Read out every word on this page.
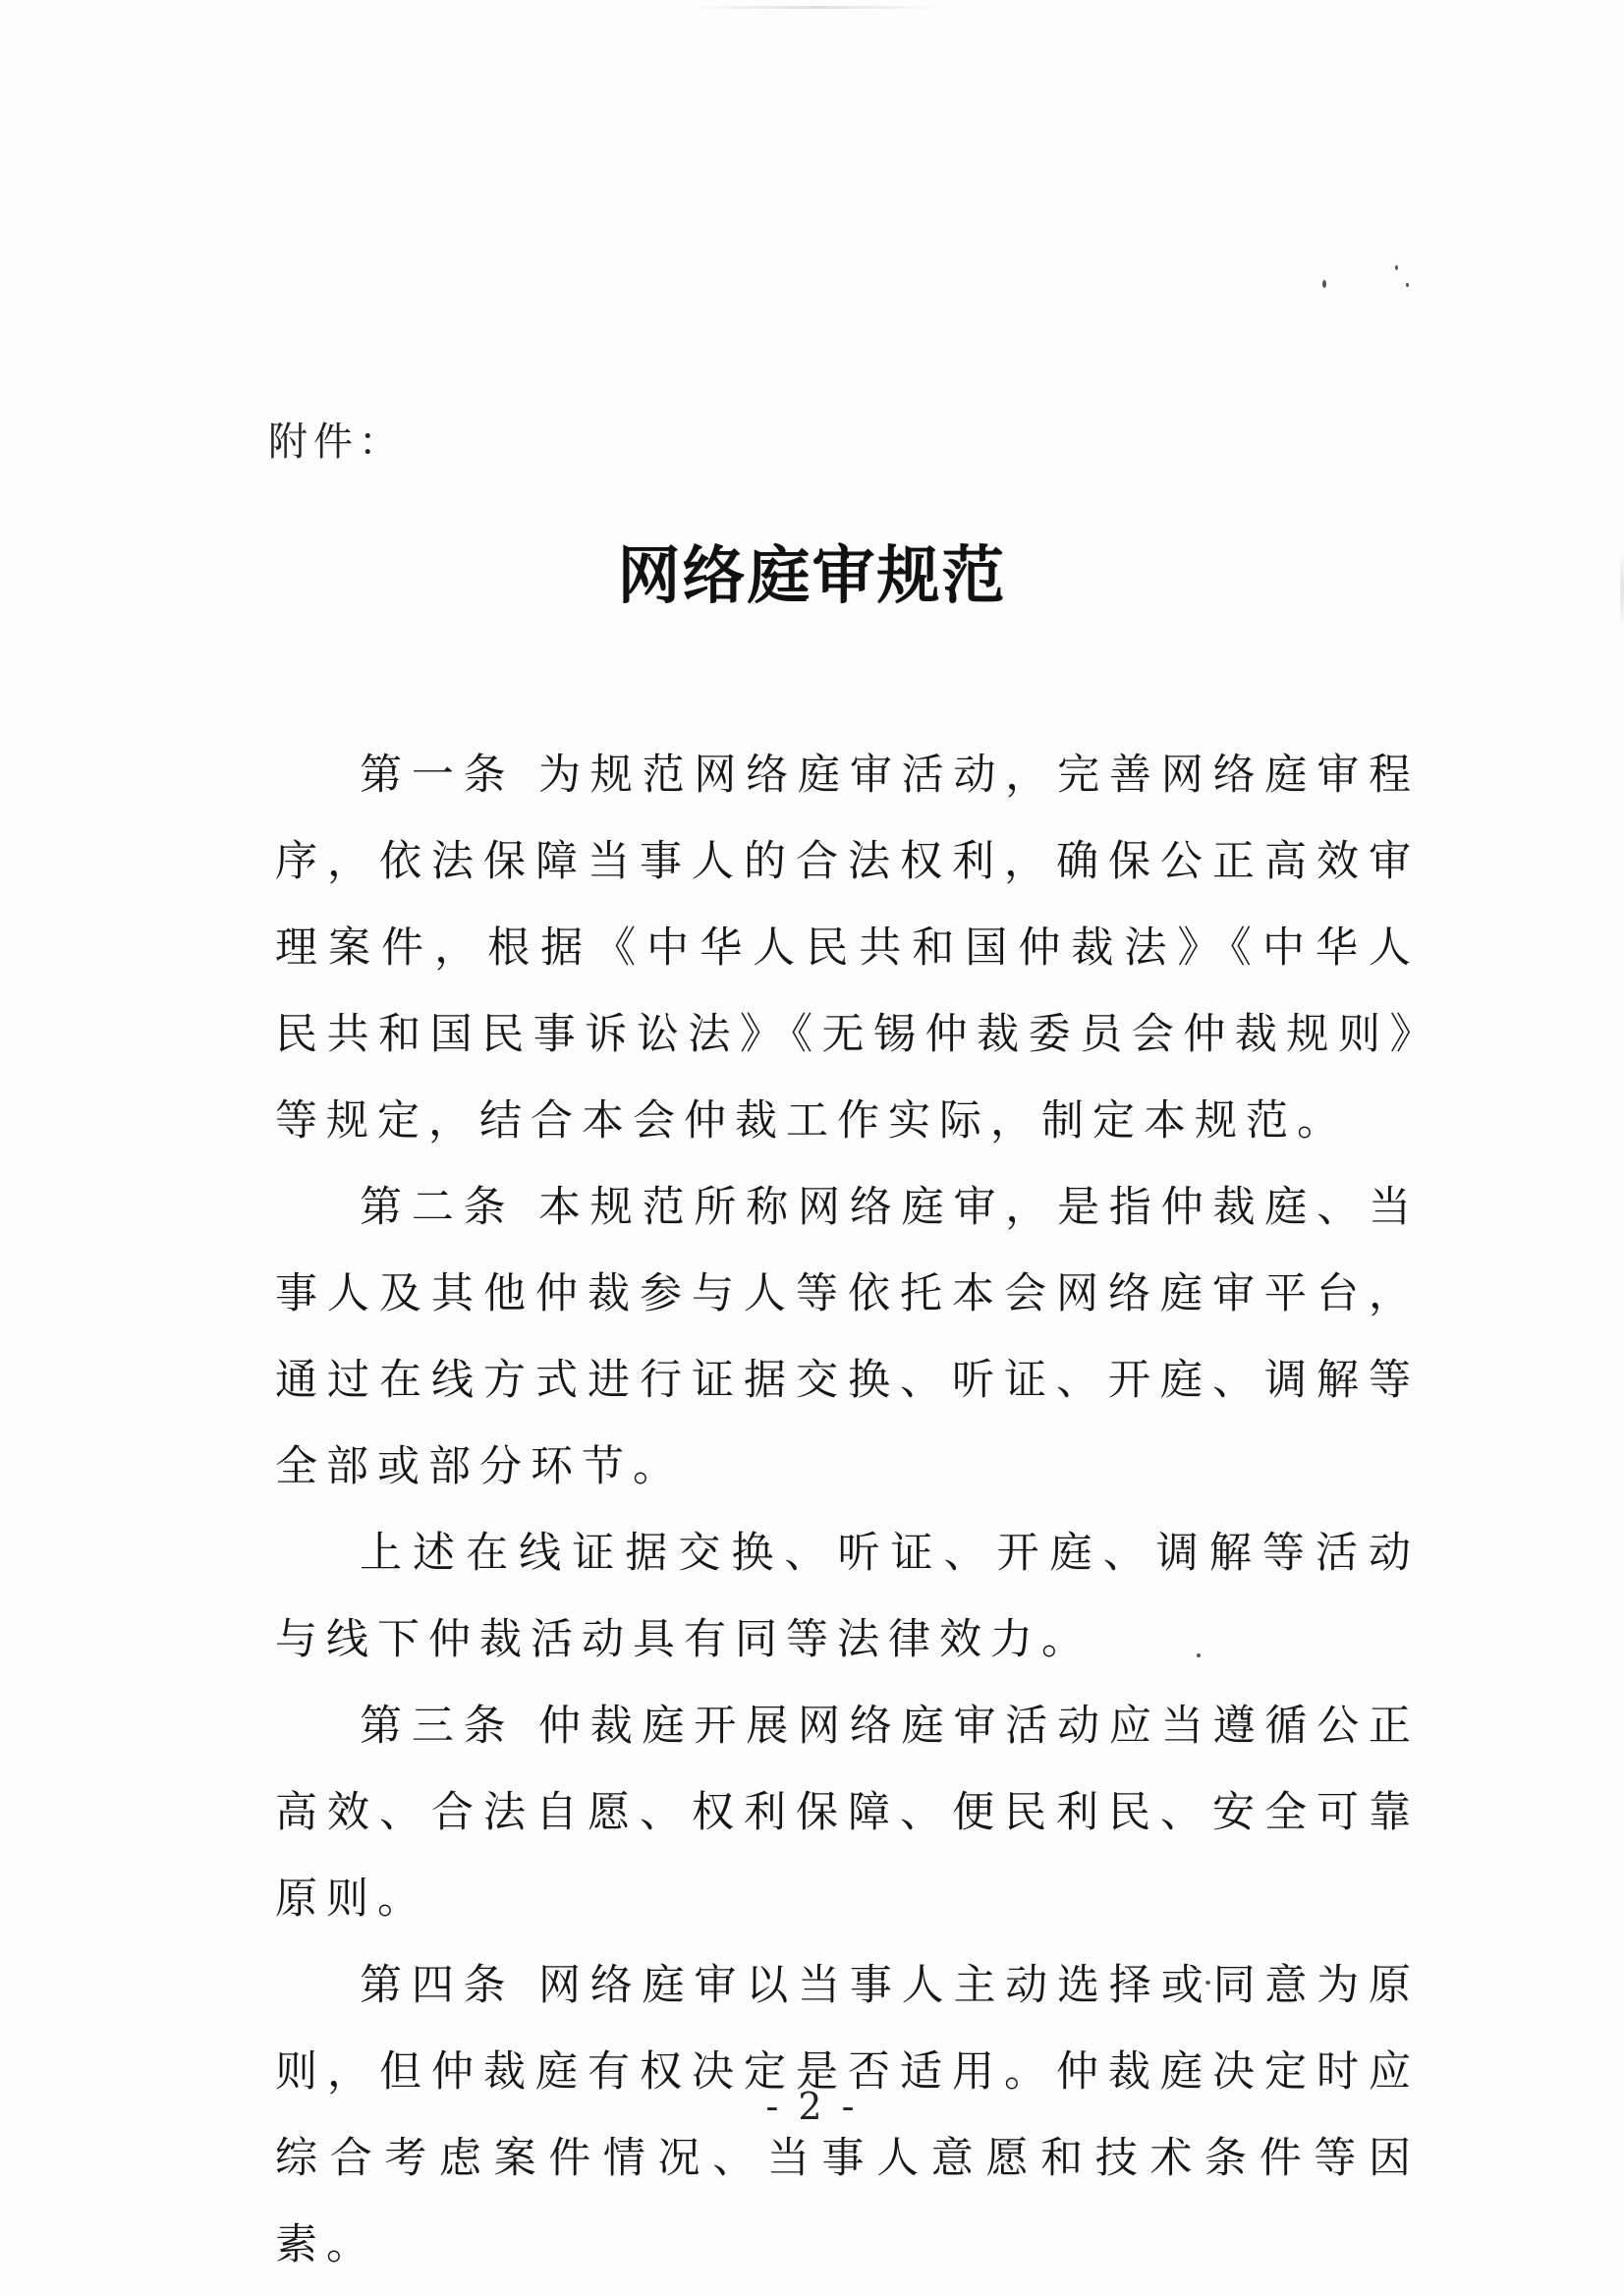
附件：
网络庭审规范

第一条 为规范网络庭审活动，完善网络庭审程序，依法保障当事人的合法权利，确保公正高效审理案件，根据《中华人民共和国仲裁法》《中华人民共和国民事诉讼法》《无锡仲裁委员会仲裁规则》等规定，结合本会仲裁工作实际，制定本规范。

第二条 本规范所称网络庭审，是指仲裁庭、当事人及其他仲裁参与人等依托本会网络庭审平台，通过在线方式进行证据交换、听证、开庭、调解等全部或部分环节。

上述在线证据交换、听证、开庭、调解等活动与线下仲裁活动具有同等法律效力。

第三条 仲裁庭开展网络庭审活动应当遵循公正高效、合法自愿、权利保障、便民利民、安全可靠原则。

第四条 网络庭审以当事人主动选择或同意为原则，但仲裁庭有权决定是否适用。仲裁庭决定时应综合考虑案件情况、当事人意愿和技术条件等因素。

- 2 -
